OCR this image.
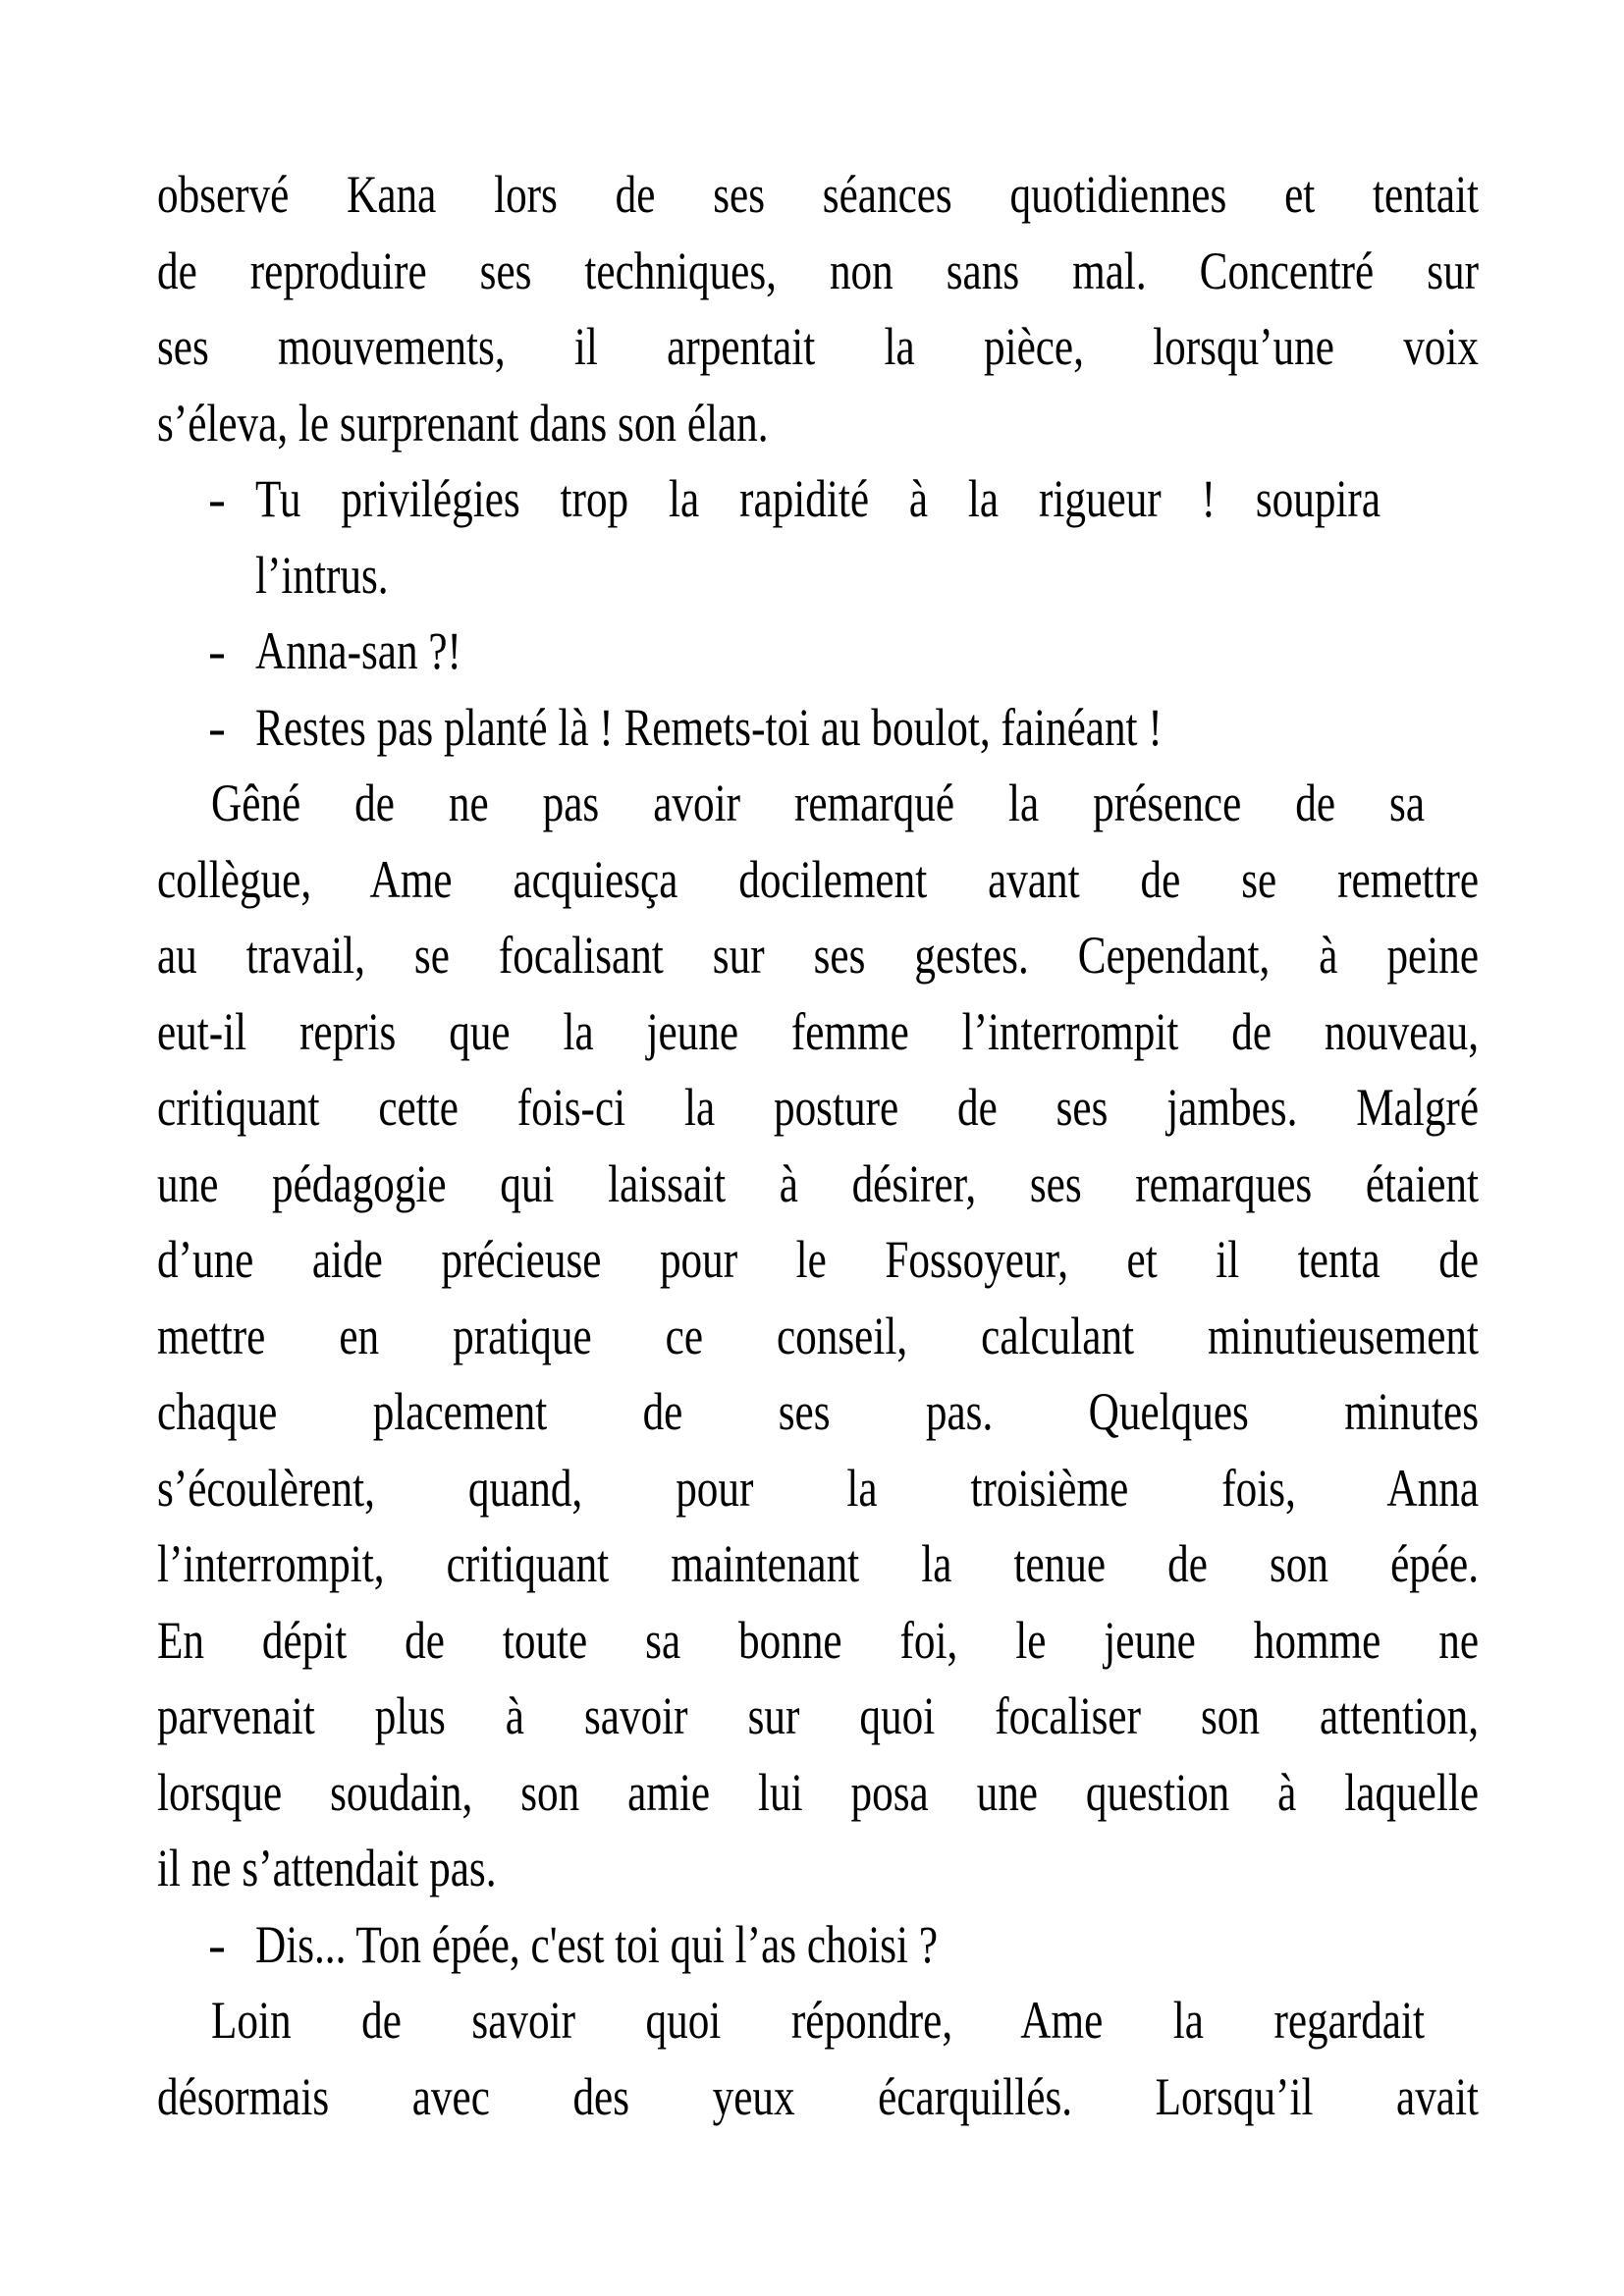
observé Kana lors de ses séances quotidiennes et tentait
de reproduire ses techniques, non sans mal. Concentré sur
ses mouvements, il arpentait la pièce, lorsqu’une voix
s’éleva, le surprenant dans son élan.
- Tu privilégies trop la rapidité à la rigueur ! soupira
l’intrus.
- Anna-san ?!
- Restes pas planté là ! Remets-toi au boulot, fainéant !
Gêné de ne pas avoir remarqué la présence de sa
collègue, Ame acquiesça docilement avant de se remettre
au travail, se focalisant sur ses gestes. Cependant, à peine
eut-il repris que la jeune femme l’interrompit de nouveau,
critiquant cette fois-ci la posture de ses jambes. Malgré
une pédagogie qui laissait à désirer, ses remarques étaient
d’une aide précieuse pour le Fossoyeur, et il tenta de
mettre en pratique ce conseil, calculant minutieusement
chaque placement de ses pas. Quelques minutes
s’écoulèrent, quand, pour la troisième fois, Anna
l’interrompit, critiquant maintenant la tenue de son épée.
En dépit de toute sa bonne foi, le jeune homme ne
parvenait plus à savoir sur quoi focaliser son attention,
lorsque soudain, son amie lui posa une question à laquelle
il ne s’attendait pas.
- Dis... Ton épée, c'est toi qui l’as choisi ?
Loin de savoir quoi répondre, Ame la regardait
désormais avec des yeux écarquillés. Lorsqu’il avait
